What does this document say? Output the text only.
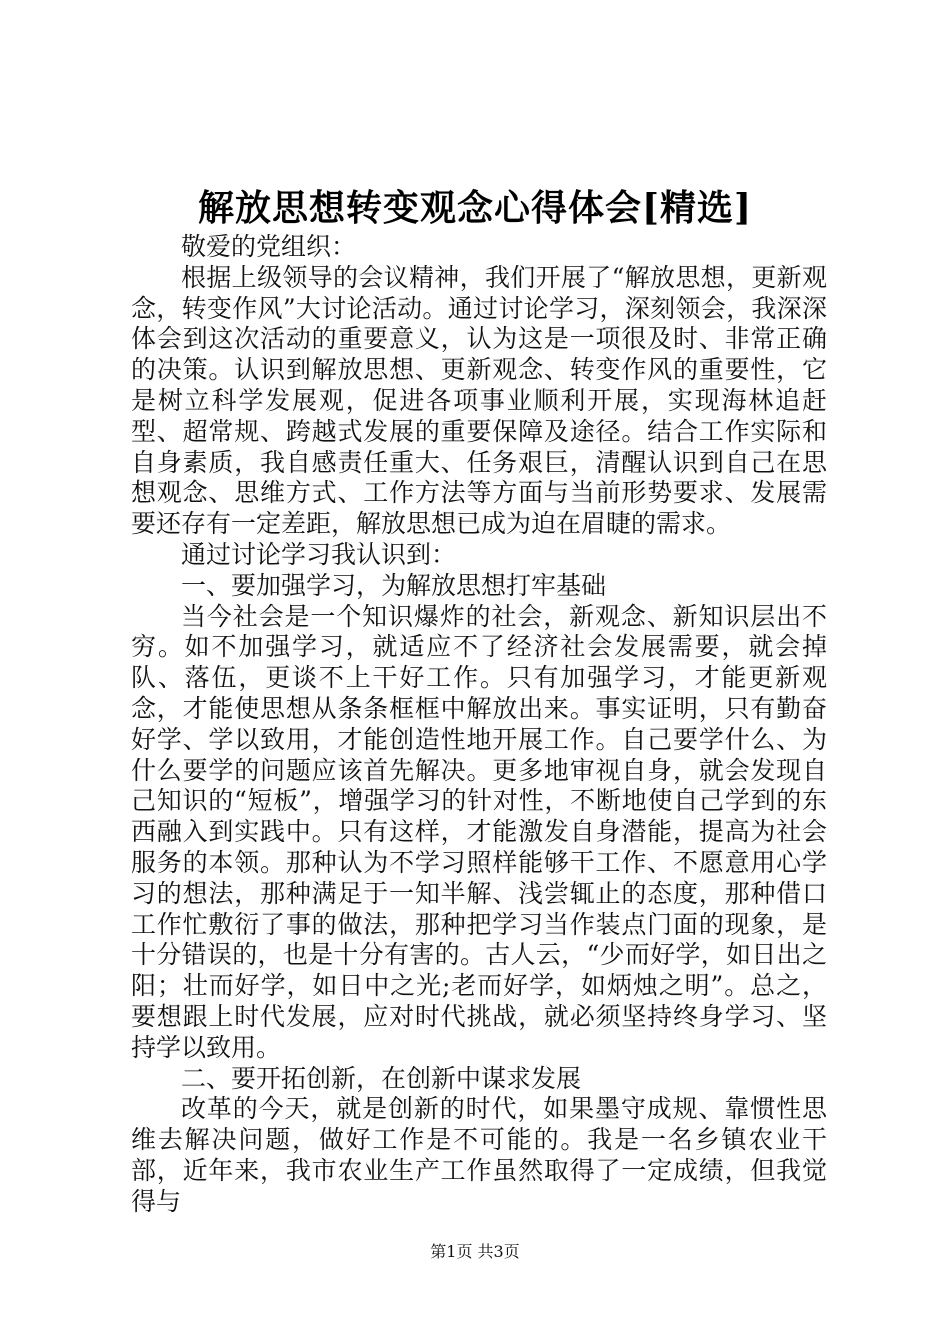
解放思想转变观念心得体会[精选]

敬爱的党组织：

根据上级领导的会议精神，我们开展了“解放思想，更新观念，转变作风”大讨论活动。通过讨论学习，深刻领会，我深深体会到这次活动的重要意义，认为这是一项很及时、非常正确的决策。认识到解放思想、更新观念、转变作风的重要性，它是树立科学发展观，促进各项事业顺利开展，实现海林追赶型、超常规、跨越式发展的重要保障及途径。结合工作实际和自身素质，我自感责任重大、任务艰巨，清醒认识到自己在思想观念、思维方式、工作方法等方面与当前形势要求、发展需要还存有一定差距，解放思想已成为迫在眉睫的需求。

通过讨论学习我认识到：

一、要加强学习，为解放思想打牢基础

当今社会是一个知识爆炸的社会，新观念、新知识层出不穷。如不加强学习，就适应不了经济社会发展需要，就会掉队、落伍，更谈不上干好工作。只有加强学习，才能更新观念，才能使思想从条条框框中解放出来。事实证明，只有勤奋好学、学以致用，才能创造性地开展工作。自己要学什么、为什么要学的问题应该首先解决。更多地审视自身，就会发现自己知识的“短板”，增强学习的针对性，不断地使自己学到的东西融入到实践中。只有这样，才能激发自身潜能，提高为社会服务的本领。那种认为不学习照样能够干工作、不愿意用心学习的想法，那种满足于一知半解、浅尝辄止的态度，那种借口工作忙敷衍了事的做法，那种把学习当作装点门面的现象，是十分错误的，也是十分有害的。古人云，“少而好学，如日出之阳；壮而好学，如日中之光;老而好学，如炳烛之明”。总之，要想跟上时代发展，应对时代挑战，就必须坚持终身学习、坚持学以致用。

二、要开拓创新，在创新中谋求发展

改革的今天，就是创新的时代，如果墨守成规、靠惯性思维去解决问题，做好工作是不可能的。我是一名乡镇农业干部，近年来，我市农业生产工作虽然取得了一定成绩，但我觉得与

第1页 共3页
